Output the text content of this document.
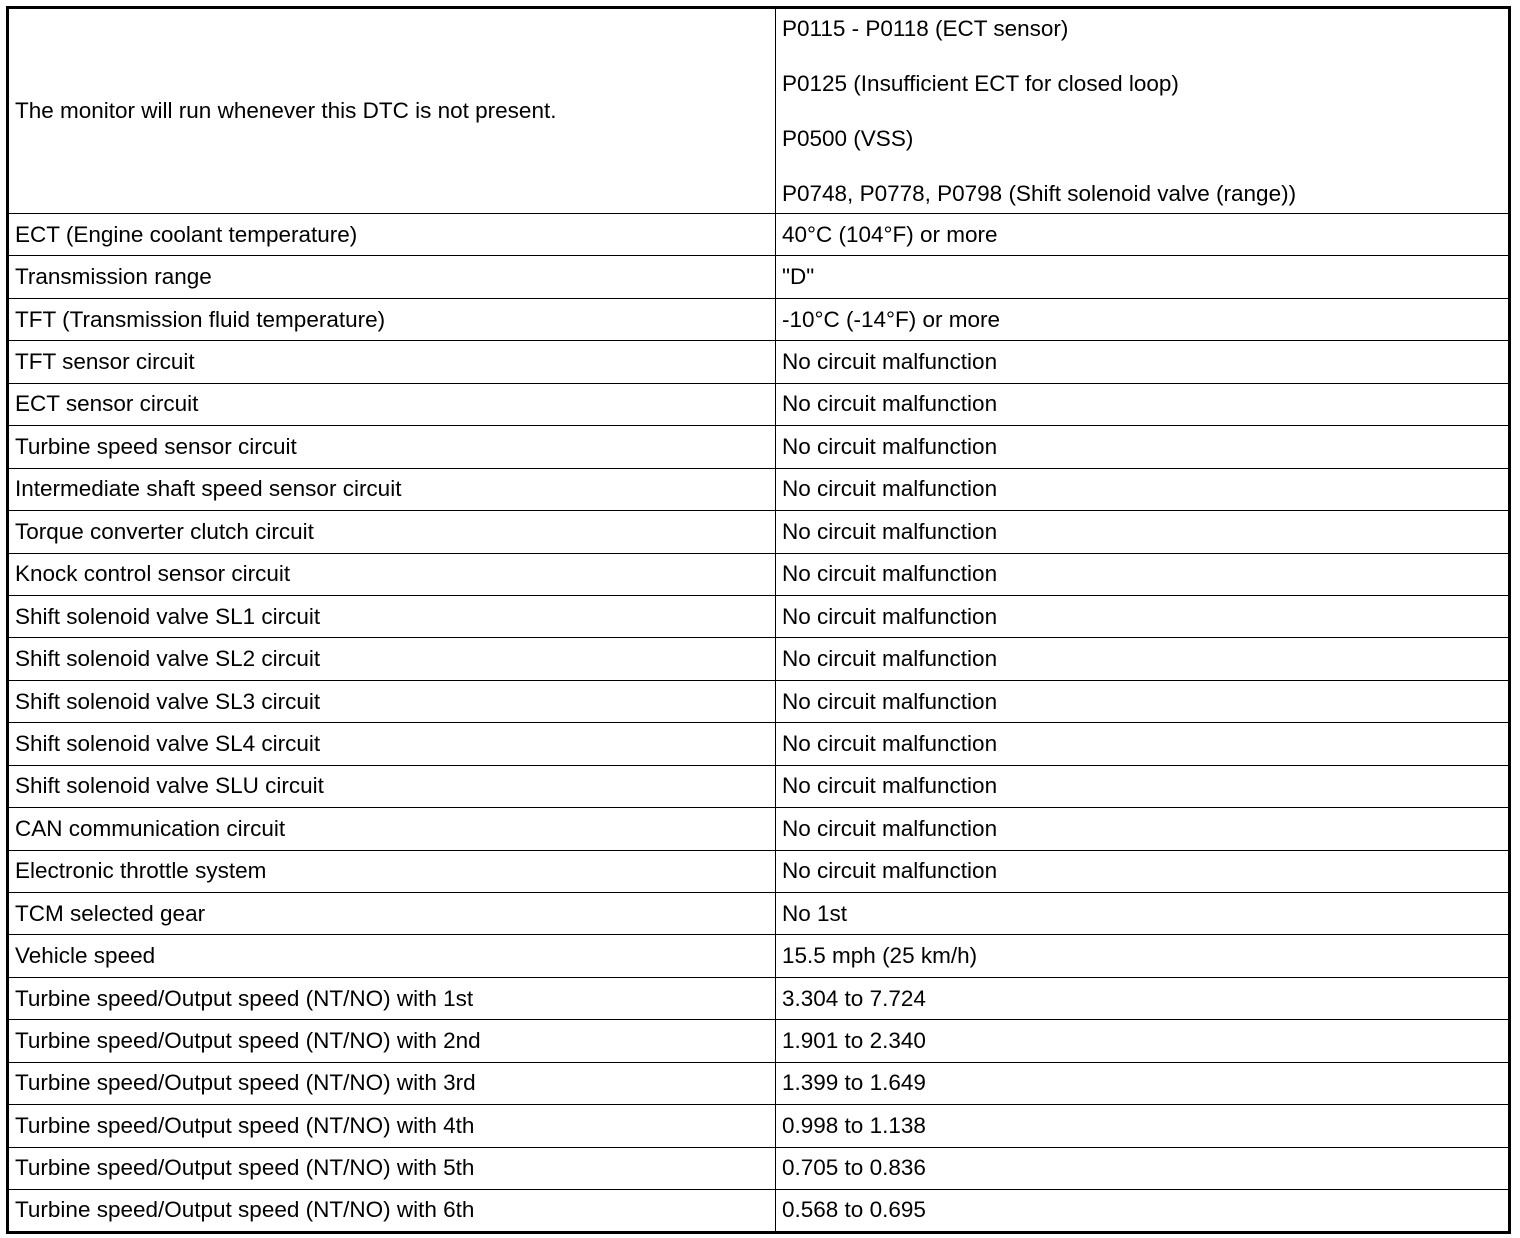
The monitor will run whenever this DTC is not present.	P0115 - P0118 (ECT sensor)
P0125 (Insufficient ECT for closed loop)
P0500 (VSS)
P0748, P0778, P0798 (Shift solenoid valve (range))

ECT (Engine coolant temperature)	40°C (104°F) or more
Transmission range	"D"
TFT (Transmission fluid temperature)	-10°C (-14°F) or more
TFT sensor circuit	No circuit malfunction
ECT sensor circuit	No circuit malfunction
Turbine speed sensor circuit	No circuit malfunction
Intermediate shaft speed sensor circuit	No circuit malfunction
Torque converter clutch circuit	No circuit malfunction
Knock control sensor circuit	No circuit malfunction
Shift solenoid valve SL1 circuit	No circuit malfunction
Shift solenoid valve SL2 circuit	No circuit malfunction
Shift solenoid valve SL3 circuit	No circuit malfunction
Shift solenoid valve SL4 circuit	No circuit malfunction
Shift solenoid valve SLU circuit	No circuit malfunction
CAN communication circuit	No circuit malfunction
Electronic throttle system	No circuit malfunction
TCM selected gear	No 1st
Vehicle speed	15.5 mph (25 km/h)
Turbine speed/Output speed (NT/NO) with 1st	3.304 to 7.724
Turbine speed/Output speed (NT/NO) with 2nd	1.901 to 2.340
Turbine speed/Output speed (NT/NO) with 3rd	1.399 to 1.649
Turbine speed/Output speed (NT/NO) with 4th	0.998 to 1.138
Turbine speed/Output speed (NT/NO) with 5th	0.705 to 0.836
Turbine speed/Output speed (NT/NO) with 6th	0.568 to 0.695
